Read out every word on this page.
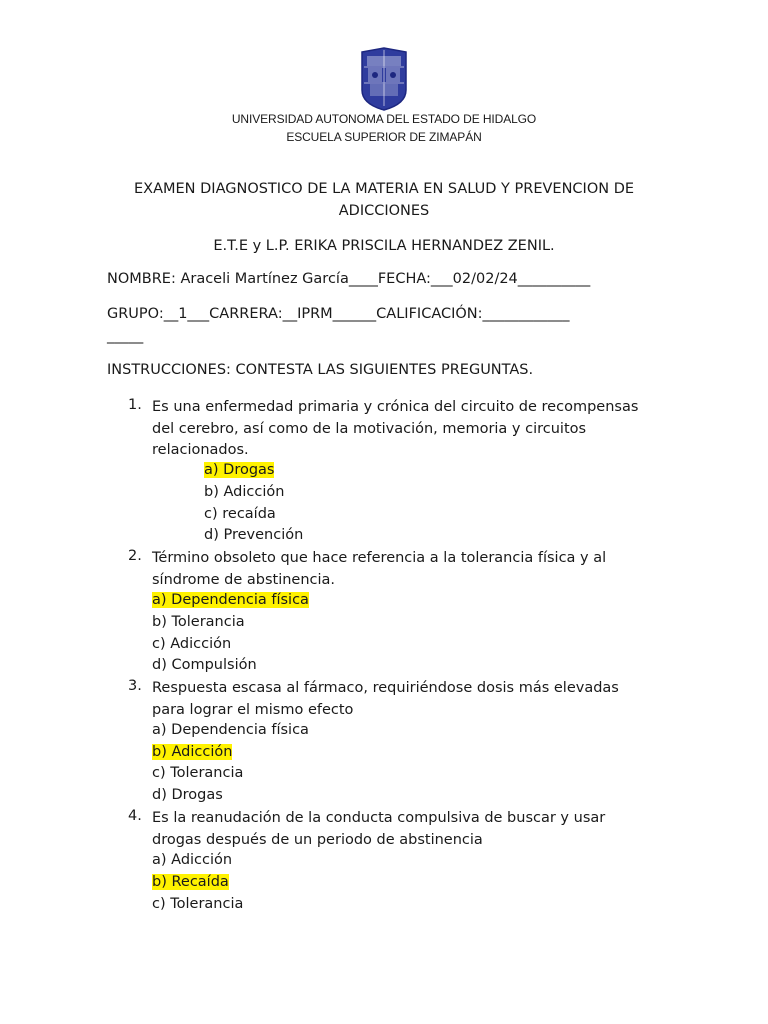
UNIVERSIDAD AUTONOMA DEL ESTADO DE HIDALGO
ESCUELA SUPERIOR DE ZIMAPÁN
EXAMEN DIAGNOSTICO DE LA MATERIA EN SALUD Y PREVENCION DE
ADICCIONES
E.T.E y L.P. ERIKA PRISCILA HERNANDEZ ZENIL.
NOMBRE: Araceli Martínez García____FECHA:___02/02/24__________
GRUPO:__1___CARRERA:__IPRM______CALIFICACIÓN:____________
_____
INSTRUCCIONES: CONTESTA LAS SIGUIENTES PREGUNTAS.
1. Es una enfermedad primaria y crónica del circuito de recompensas del cerebro, así como de la motivación, memoria y circuitos relacionados.
a) Drogas
b) Adicción
c) recaída
d) Prevención
2. Término obsoleto que hace referencia a la tolerancia física y al síndrome de abstinencia.
a) Dependencia física
b) Tolerancia
c) Adicción
d) Compulsión
3. Respuesta escasa al fármaco, requiriéndose dosis más elevadas para lograr el mismo efecto
a) Dependencia física
b) Adicción
c) Tolerancia
d) Drogas
4. Es la reanudación de la conducta compulsiva de buscar y usar drogas después de un periodo de abstinencia
a) Adicción
b) Recaída
c) Tolerancia
